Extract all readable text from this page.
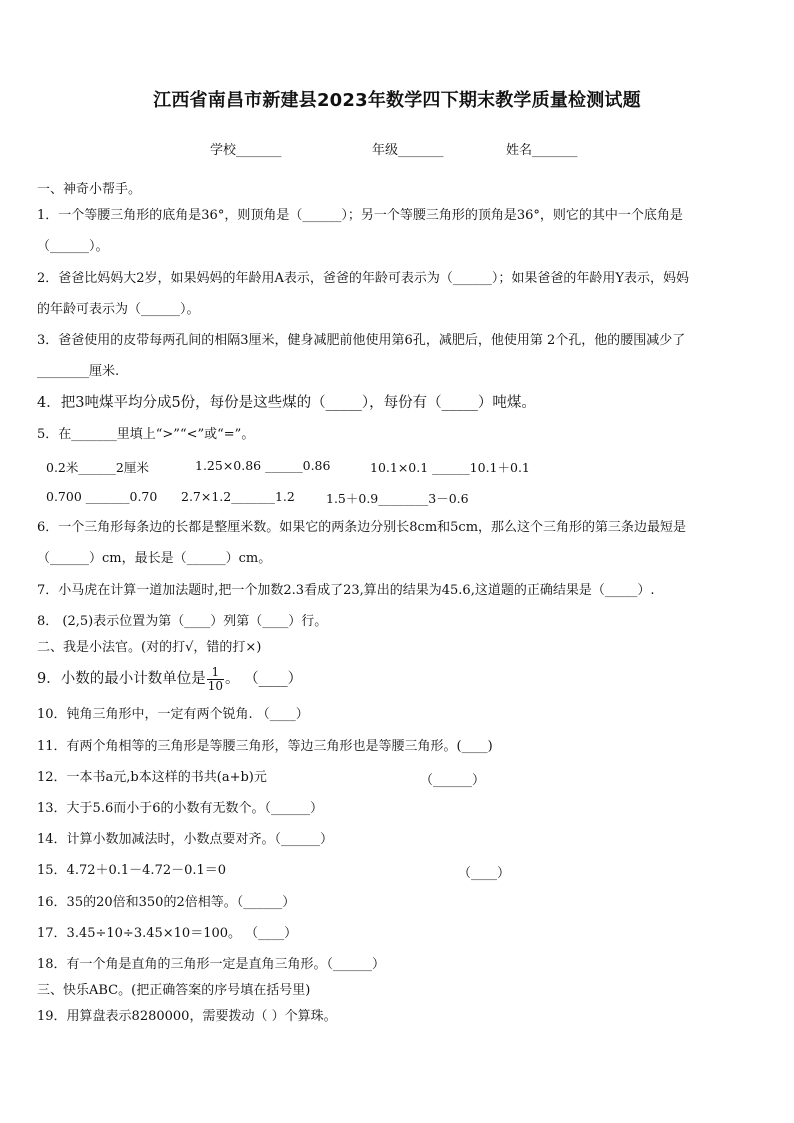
江西省南昌市新建县2023年数学四下期末教学质量检测试题
学校_______	年级_______	姓名_______
一、神奇小帮手。
1．一个等腰三角形的底角是36°，则顶角是（______）；另一个等腰三角形的顶角是36°，则它的其中一个底角是
（______）。
2．爸爸比妈妈大2岁，如果妈妈的年龄用A表示，爸爸的年龄可表示为（______）；如果爸爸的年龄用Y表示，妈妈
的年龄可表示为（______）。
3．爸爸使用的皮带每两孔间的相隔3厘米，健身减肥前他使用第6孔，减肥后，他使用第 2个孔，他的腰围减少了
________厘米.
4．把3吨煤平均分成5份，每份是这些煤的（_____），每份有（_____）吨煤。
5．在_______里填上“>”“<”或“=”。
0.2米______2厘米	1.25×0.86 ______0.86	10.1×0.1 ______10.1＋0.1
0.700 _______0.70 2.7×1.2_______1.2 1.5＋0.9________3－0.6
6．一个三角形每条边的长都是整厘米数。如果它的两条边分别长8cm和5cm，那么这个三角形的第三条边最短是
（______）cm，最长是（______）cm。
7．小马虎在计算一道加法题时,把一个加数2.3看成了23,算出的结果为45.6,这道题的正确结果是（_____）.
8． (2,5)表示位置为第（____）列第（____）行。
二、我是小法官。(对的打√，错的打×)
9．小数的最小计数单位是 $\frac{1}{10}$ 。 （____）
10．钝角三角形中，一定有两个锐角. （____）
11．有两个角相等的三角形是等腰三角形，等边三角形也是等腰三角形。(____)
12．一本书a元,b本这样的书共(a+b)元	（______）
13．大于5.6而小于6的小数有无数个。（______）
14．计算小数加减法时，小数点要对齐。（______）
15．4.72＋0.1－4.72－0.1＝0	（____）
16．35的20倍和350的2倍相等。（______）
17．3.45÷10÷3.45×10＝100。 （____）
18．有一个角是直角的三角形一定是直角三角形。（______）
三、快乐ABC。(把正确答案的序号填在括号里)
19．用算盘表示8280000，需要拨动（ ）个算珠。
